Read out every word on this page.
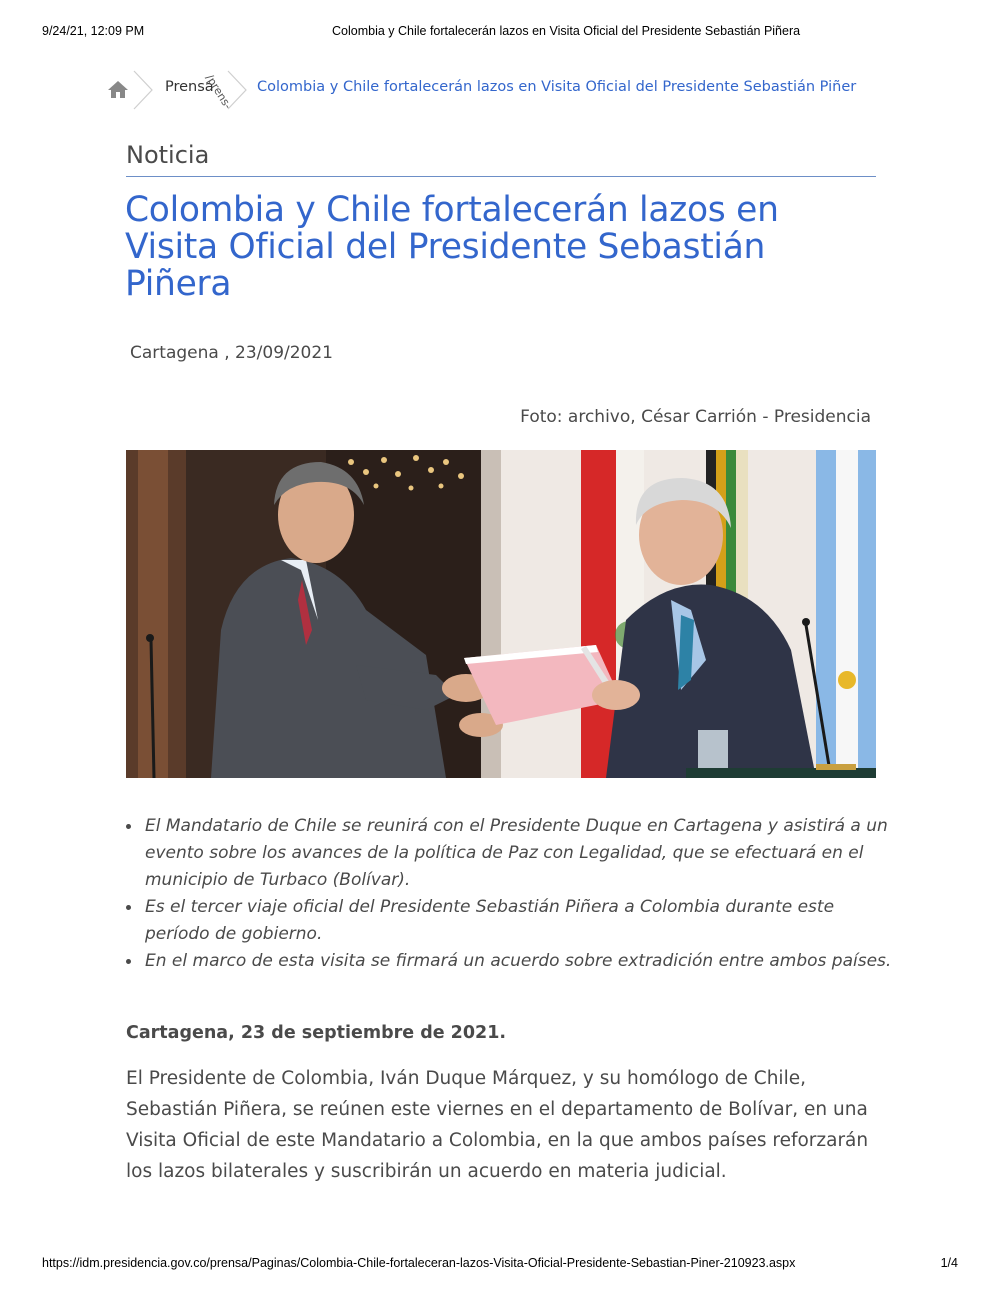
9/24/21, 12:09 PM	Colombia y Chile fortalecerán lazos en Visita Oficial del Presidente Sebastián Piñera
Prensa
/prens- Colombia y Chile fortalecerán lazos en Visita Oficial del Presidente Sebastián Piñer
Noticia
Colombia y Chile fortalecerán lazos en Visita Oficial del Presidente Sebastián Piñera
Cartagena , 23/09/2021
Foto: archivo, César Carrión - Presidencia
El Mandatario de Chile se reunirá con el Presidente Duque en Cartagena y asistirá a un evento sobre los avances de la política de Paz con Legalidad, que se efectuará en el municipio de Turbaco (Bolívar).
Es el tercer viaje oficial del Presidente Sebastián Piñera a Colombia durante este período de gobierno.
En el marco de esta visita se firmará un acuerdo sobre extradición entre ambos países.
Cartagena, 23 de septiembre de 2021.

El Presidente de Colombia, Iván Duque Márquez, y su homólogo de Chile, Sebastián Piñera, se reúnen este viernes en el departamento de Bolívar, en una Visita Oficial de este Mandatario a Colombia, en la que ambos países reforzarán los lazos bilaterales y suscribirán un acuerdo en materia judicial.

https://idm.presidencia.gov.co/prensa/Paginas/Colombia-Chile-fortaleceran-lazos-Visita-Oficial-Presidente-Sebastian-Piner-210923.aspx	1/4
